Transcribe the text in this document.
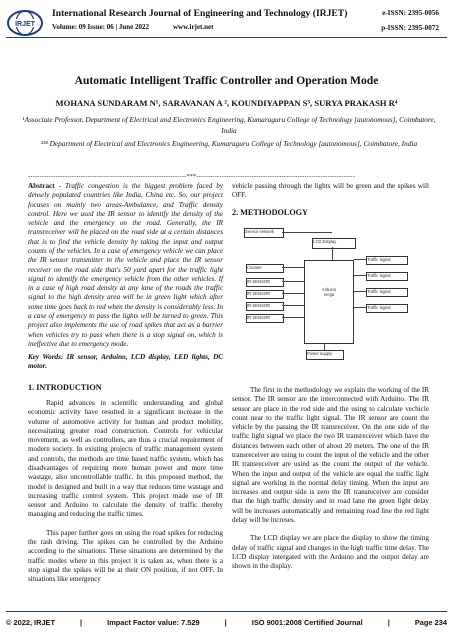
IRJET
International Research Journal of Engineering and Technology (IRJET)
Volume: 09 Issue: 06 | June 2022	www.irjet.net
e-ISSN: 2395-0056
p-ISSN: 2395-0072
Automatic Intelligent Traffic Controller and Operation Mode
MOHANA SUNDARAM N¹, SARAVANAN A ², KOUNDIYAPPAN S³, SURYA PRAKASH R⁴
¹Associate Professor, Department of Electrical and Electronics Engineering, Kumaraguru College of Technology [autonomous], Coimbatore, India
²³⁴ Department of Electrical and Electronics Engineering, Kumaraguru College of Technology [autonomous], Coimbatore, India
---------------------------------------------------------------------***---------------------------------------------------------------------

Abstract - Traffic congestion is the biggest problem faced by densely populated countries like India, China etc. So, our project focuses on mainly two areas-Ambulance, and Traffic density control. Here we used the IR sensor to identify the density of the vehicle and the emergency on the road. Generally, the IR transreceiver will be placed on the road side at a certain distances that is to find the vehicle density by taking the input and output counts of the vehicles. In a case of emergency vehicle we can place the IR sensor transmitter in the vehicle and place the IR sensor receiver on the road side that's 50 yard apart for the traffic light signal to identify the emergency vehicle from the other vehicles. If in a case of high road density at any lane of the roads the traffic signal to the high density area will be in green light which after some time goes back to red when the density is considerably less. In a case of emergency to pass the lights will be turned to green. This project also implements the use of road spikes that act as a barrier when vehicles try to pass when there is a stop signal on, which is ineffective due to emergency mode.

Key Words: IR sensor, Arduino, LCD display, LED lights, DC motor.

1. INTRODUCTION

Rapid advances in scientific understanding and global economic activity have resulted in a significant increase in the volume of automotive activity for human and product mobility, necessitating greater road construction. Controls for vehicular movement, as well as controllers, are thus a crucial requirement of modern society. In existing projects of traffic management system and controls, the methods are time based traffic system, which has disadvantages of requiring more human power and more time wastage, also uncontrollable traffic. In this proposed method, the model is designed and built in a way that reduces time wastage and increasing traffic control system. This project made use of IR sensor and Arduino to calculate the density of traffic thereby managing and reducing the traffic times.

This paper further goes on using the road spikes for reducing the rash driving. The spikes can be controlled by the Arduino according to the situations. These situations are determined by the traffic modes where in this project it is taken as, when there is a stop signal the spikes will be at their ON position, if not OFF. In situations like emergency

vehicle passing through the lights will be green and the spikes will OFF.
2. METHODOLOGY
Sensor network
LCD Display
Counter
IR SENSOR
IR SENSOR
IR SENSOR
IR SENSOR
Arduino
mega
Traffic signal
Traffic signal
Traffic signal
Traffic signal
Power supply

The first in the methodology we explain the working of the IR sensor. The IR sensor are the interconnected with Arduino. The IR sensor are place in the rod side and the using to calculate vechicle count near to the traffic light signal. The IR sensor are count the vehicle by the passing the IR transreceiver. On the one side of the traffic light signal we place the two IR transreceiver which have the distances between each other of about 20 meters. The one of the IR transreceiver are using to count the input of the vehicle and the other IR transreceiver are usind as the count the output of the vehicle. When the input and output of the vehicle are equal the traffic light signal are working in the normal delay timing. When the input are increases and output side is zero the IR transreceiver are consider that the high traffic density and in road lane the green light delay will be increases automatically and remaining road line the red light delay will be increses.

The LCD display we are place the display to show the timing delay of traffic signal and changes in the high traffic time delay. The LCD display intergated with the Arduino and the output delay are shown in the display.

© 2022, IRJET	|	Impact Factor value: 7.529	|	ISO 9001:2008 Certified Journal	|	Page 234
